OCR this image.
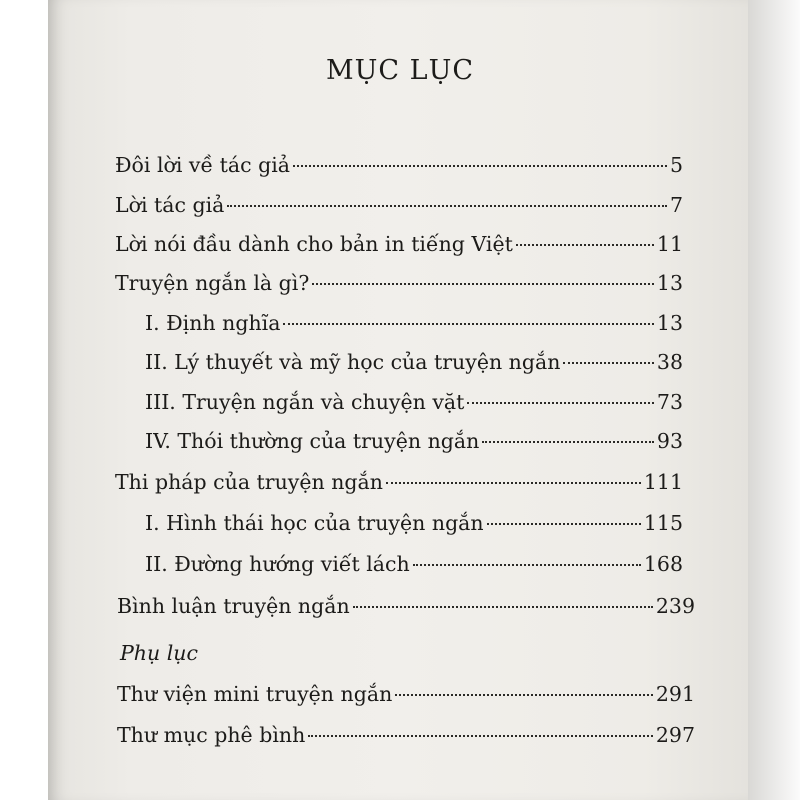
MỤC LỤC
Đôi lời về tác giả	5
Lời tác giả	7
Lời nói đầu dành cho bản in tiếng Việt	11
Truyện ngắn là gì?	13
I. Định nghĩa	13
II. Lý thuyết và mỹ học của truyện ngắn	38
III. Truyện ngắn và chuyện vặt	73
IV. Thói thường của truyện ngắn	93
Thi pháp của truyện ngắn	111
I. Hình thái học của truyện ngắn	115
II. Đường hướng viết lách	168
Bình luận truyện ngắn	239
Phụ lục
Thư viện mini truyện ngắn	291
Thư mục phê bình	297
